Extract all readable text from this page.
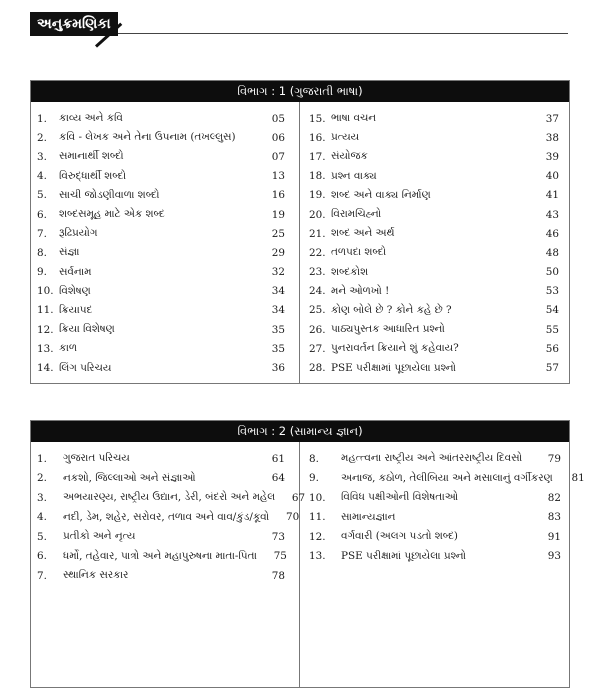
અનુક્રમણિકા
વિભાગ : 1 (ગુજરાતી ભાષા)
1.	કાવ્ય અને કવિ	05
2.	કવિ - લેખક અને તેના ઉપનામ (તખલ્લુસ)	06
3.	સમાનાર્થી શબ્દો	07
4.	વિરુદ્ધાર્થી શબ્દો	13
5.	સાચી જોડણીવાળા શબ્દો	16
6.	શબ્દસમૂહ માટે એક શબ્દ	19
7.	રૂઢિપ્રયોગ	25
8.	સંજ્ઞા	29
9.	સર્વનામ	32
10. વિશેષણ	34
11. ક્રિયાપદ	34
12. ક્રિયા વિશેષણ	35
13. કાળ	35
14. લિંગ પરિચય	36
15. ભાષા વચન	37
16. પ્રત્યય	38
17. સંયોજક	39
18. પ્રશ્ન વાક્ય	40
19. શબ્દ અને વાક્ય નિર્માણ	41
20. વિરામચિહ્નો	43
21. શબ્દ અને અર્થ	46
22. તળપદા શબ્દો	48
23. શબ્દકોશ	50
24. મને ઓળખો !	53
25. કોણ બોલે છે ? કોને કહે છે ?	54
26. પાઠ્યપુસ્તક આધારિત પ્રશ્નો	55
27. પુનરાવર્તન ક્રિયાને શું કહેવાય?	56
28. PSE પરીક્ષામાં પૂછાયેલા પ્રશ્નો	57
વિભાગ : 2 (સામાન્ય જ્ઞાન)
1.	ગુજરાત પરિચય	61
2.	નકશો, જિલ્લાઓ અને સંજ્ઞાઓ	64
3.	અભયારણ્ય, રાષ્ટ્રીય ઉદ્યાન, ડેરી, બંદરો અને મહેલ	67
4.	નદી, ડેમ, શહેર, સરોવર, તળાવ અને વાવ/કુંડ/કૂવો	70
5.	પ્રતીકો અને નૃત્ય	73
6.	ધર્મો, તહેવાર, પાત્રો અને મહાપુરુષના માતા-પિતા	75
7.	સ્થાનિક સરકાર	78
8.	મહત્ત્વના રાષ્ટ્રીય અને આંતરરાષ્ટ્રીય દિવસો	79
9.	અનાજ, કઠોળ, તેલીબિયા અને મસાલાનું વર્ગીકરણ	81
10.	વિવિધ પક્ષીઓની વિશેષતાઓ	82
11.	સામાન્યજ્ઞાન	83
12.	વર્ગવારી (અલગ પડતો શબ્દ)	91
13.	PSE પરીક્ષામાં પૂછાયેલા પ્રશ્નો	93
